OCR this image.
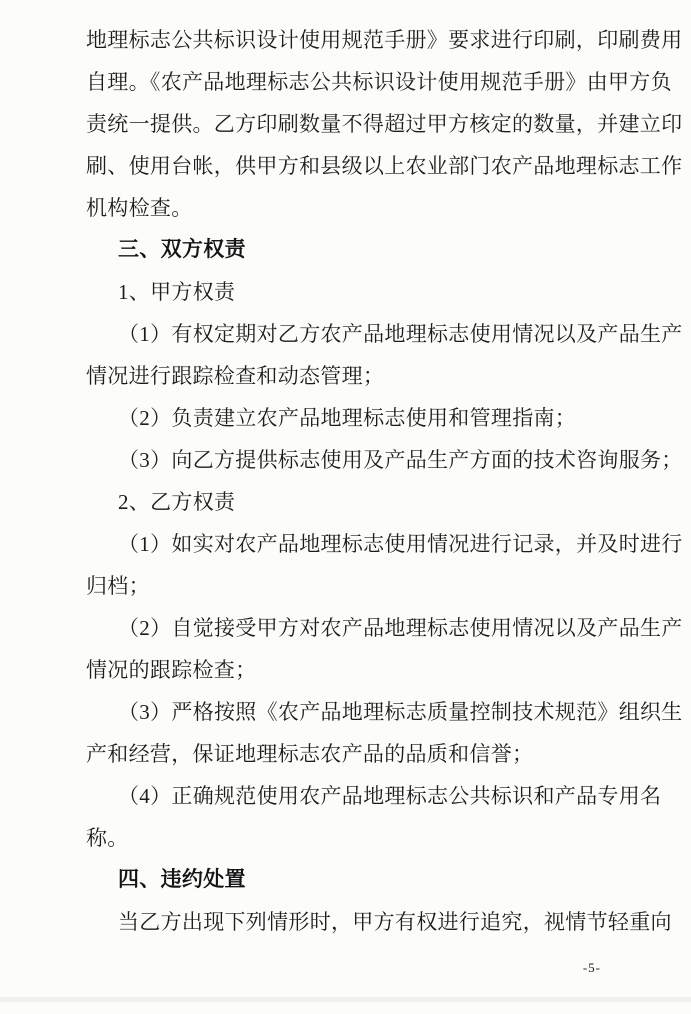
地理标志公共标识设计使用规范手册》要求进行印刷，印刷费用
自理。《农产品地理标志公共标识设计使用规范手册》由甲方负
责统一提供。乙方印刷数量不得超过甲方核定的数量，并建立印
刷、使用台帐，供甲方和县级以上农业部门农产品地理标志工作
机构检查。
三、双方权责
1、甲方权责
（1）有权定期对乙方农产品地理标志使用情况以及产品生产
情况进行跟踪检查和动态管理；
（2）负责建立农产品地理标志使用和管理指南；
（3）向乙方提供标志使用及产品生产方面的技术咨询服务；
2、乙方权责
（1）如实对农产品地理标志使用情况进行记录，并及时进行
归档；
（2）自觉接受甲方对农产品地理标志使用情况以及产品生产
情况的跟踪检查；
（3）严格按照《农产品地理标志质量控制技术规范》组织生
产和经营，保证地理标志农产品的品质和信誉；
（4）正确规范使用农产品地理标志公共标识和产品专用名
称。
四、违约处置
当乙方出现下列情形时，甲方有权进行追究，视情节轻重向
-5-
